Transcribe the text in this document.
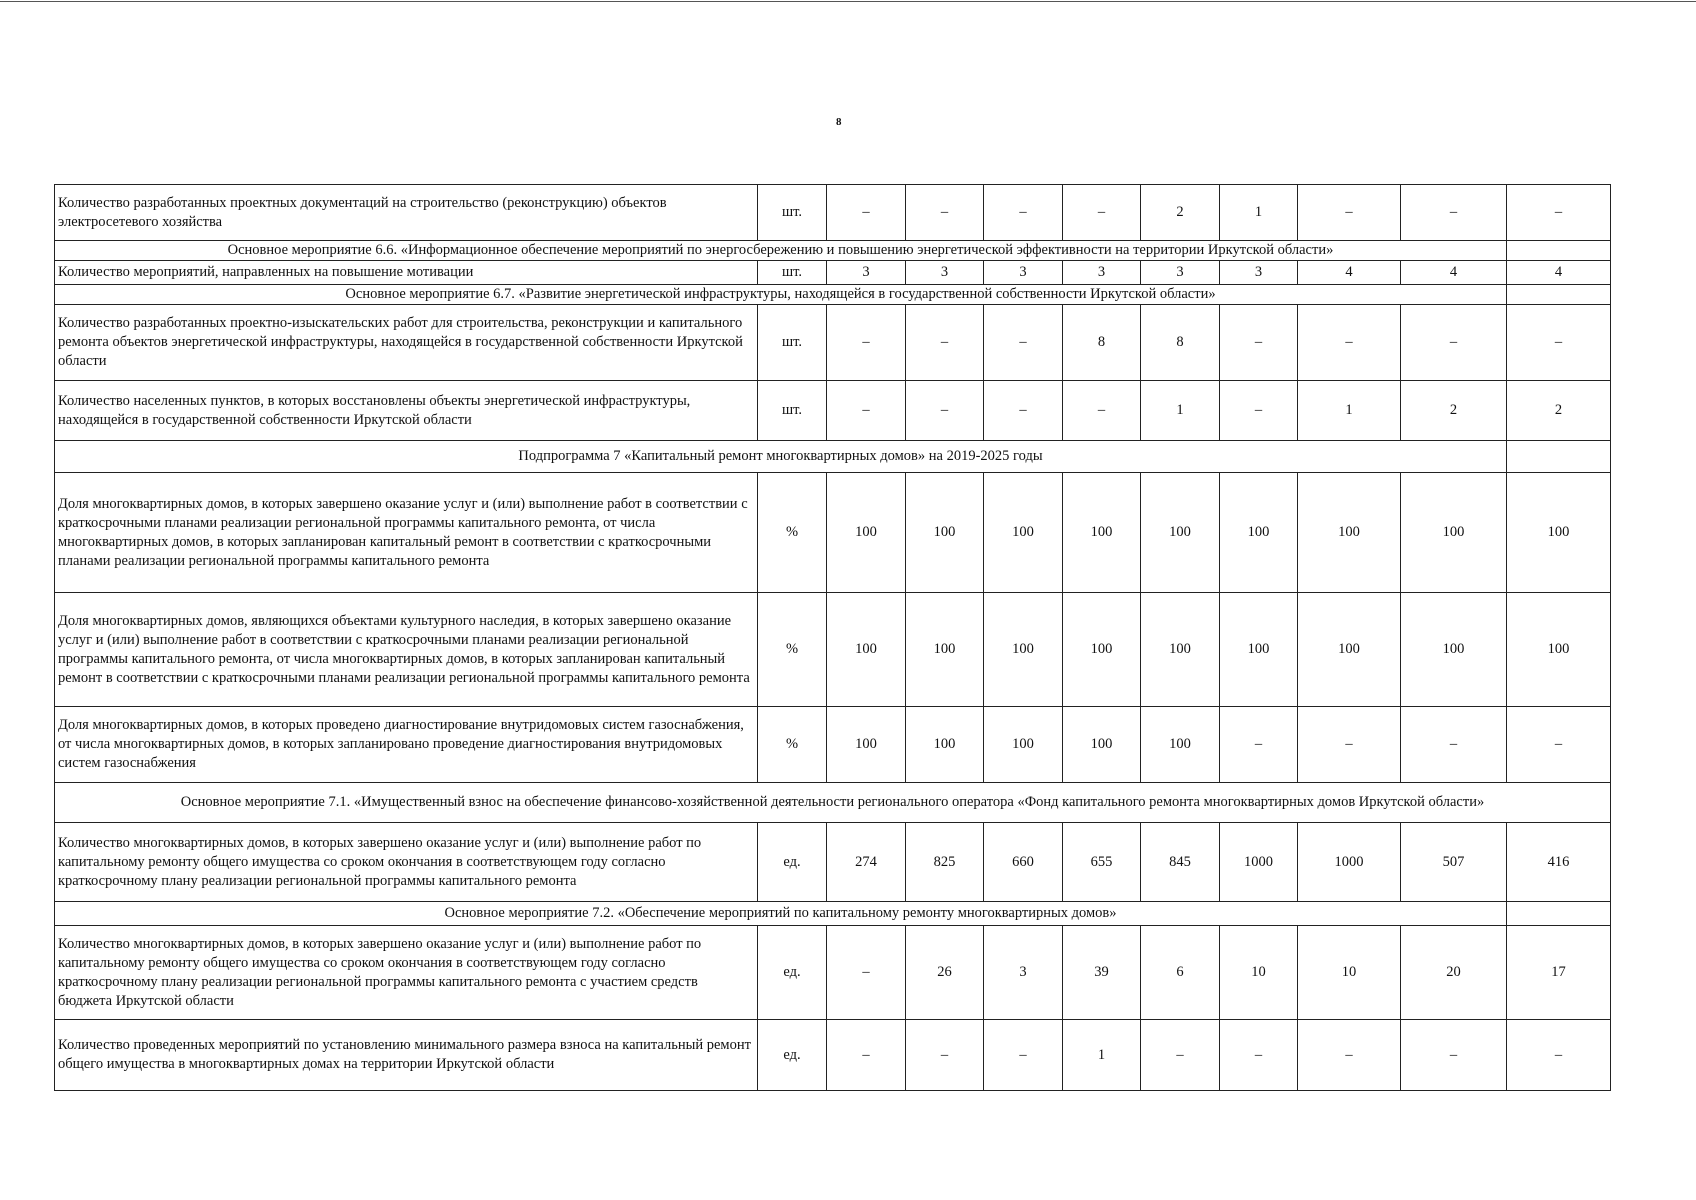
8
Количество разработанных проектных документаций на строительство (реконструкцию) объектов электросетевого хозяйства	шт.	–	–	–	–	2	1	–	–	–
Основное мероприятие 6.6. «Информационное обеспечение мероприятий по энергосбережению и повышению энергетической эффективности на территории Иркутской области»										
Количество мероприятий, направленных на повышение мотивации	шт.	3	3	3	3	3	3	4	4	4
Основное мероприятие 6.7. «Развитие энергетической инфраструктуры, находящейся в государственной собственности Иркутской области»										
Количество разработанных проектно-изыскательских работ для строительства, реконструкции и капитального ремонта объектов энергетической инфраструктуры, находящейся в государственной собственности Иркутской области	шт.	–	–	–	8	8	–	–	–	–
Количество населенных пунктов, в которых восстановлены объекты энергетической инфраструктуры, находящейся в государственной собственности Иркутской области	шт.	–	–	–	–	1	–	1	2	2
Подпрограмма 7 «Капитальный ремонт многоквартирных домов» на 2019-2025 годы										
Доля многоквартирных домов, в которых завершено оказание услуг и (или) выполнение работ в соответствии с краткосрочными планами реализации региональной программы капитального ремонта, от числа многоквартирных домов, в которых запланирован капитальный ремонт в соответствии с краткосрочными планами реализации региональной программы капитального ремонта	%	100	100	100	100	100	100	100	100	100
Доля многоквартирных домов, являющихся объектами культурного наследия, в которых завершено оказание услуг и (или) выполнение работ в соответствии с краткосрочными планами реализации региональной программы капитального ремонта, от числа многоквартирных домов, в которых запланирован капитальный ремонт в соответствии с краткосрочными планами реализации региональной программы капитального ремонта	%	100	100	100	100	100	100	100	100	100
Доля многоквартирных домов, в которых проведено диагностирование внутридомовых систем газоснабжения, от числа многоквартирных домов, в которых запланировано проведение диагностирования внутридомовых систем газоснабжения	%	100	100	100	100	100	–	–	–	–
Основное мероприятие 7.1. «Имущественный взнос на обеспечение финансово-хозяйственной деятельности регионального оператора «Фонд капитального ремонта многоквартирных домов Иркутской области»										
Количество многоквартирных домов, в которых завершено оказание услуг и (или) выполнение работ по капитальному ремонту общего имущества со сроком окончания в соответствующем году согласно краткосрочному плану реализации региональной программы капитального ремонта	ед.	274	825	660	655	845	1000	1000	507	416
Основное мероприятие 7.2. «Обеспечение мероприятий по капитальному ремонту многоквартирных домов»										
Количество многоквартирных домов, в которых завершено оказание услуг и (или) выполнение работ по капитальному ремонту общего имущества со сроком окончания в соответствующем году согласно краткосрочному плану реализации региональной программы капитального ремонта с участием средств бюджета Иркутской области	ед.	–	26	3	39	6	10	10	20	17
Количество проведенных мероприятий по установлению минимального размера взноса на капитальный ремонт общего имущества в многоквартирных домах на территории Иркутской области	ед.	–	–	–	1	–	–	–	–	–
